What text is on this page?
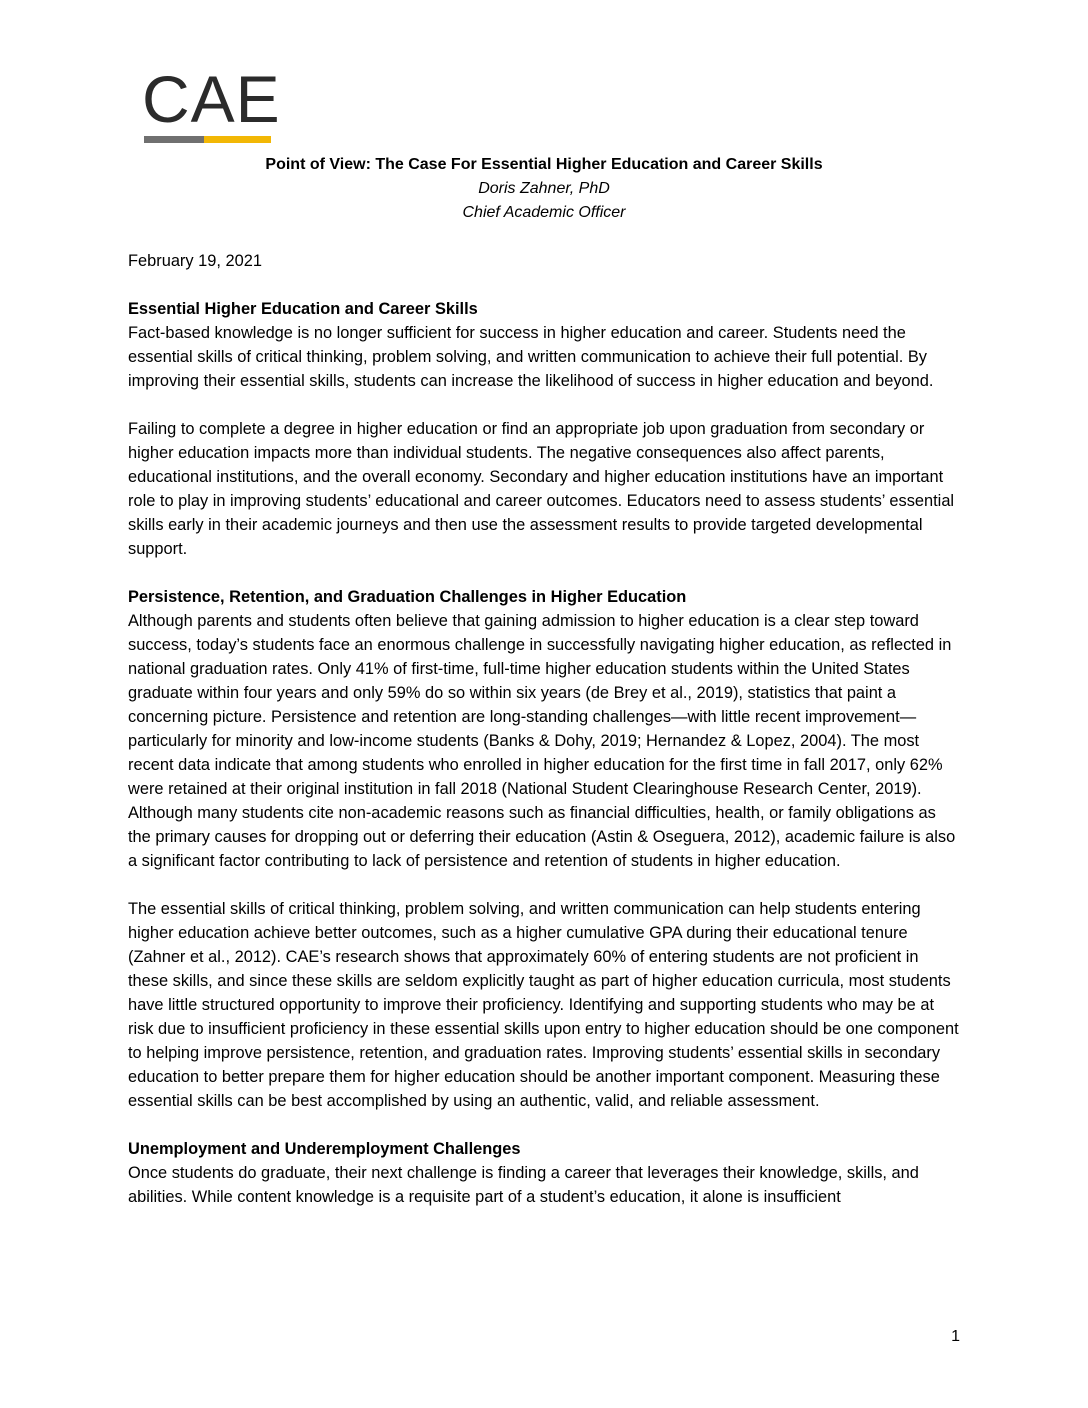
CAE
Point of View: The Case For Essential Higher Education and Career Skills
Doris Zahner, PhD
Chief Academic Officer

February 19, 2021

Essential Higher Education and Career Skills

Fact-based knowledge is no longer sufficient for success in higher education and career. Students need the essential skills of critical thinking, problem solving, and written communication to achieve their full potential. By improving their essential skills, students can increase the likelihood of success in higher education and beyond.

Failing to complete a degree in higher education or find an appropriate job upon graduation from secondary or higher education impacts more than individual students. The negative consequences also affect parents, educational institutions, and the overall economy. Secondary and higher education institutions have an important role to play in improving students’ educational and career outcomes. Educators need to assess students’ essential skills early in their academic journeys and then use the assessment results to provide targeted developmental support.

Persistence, Retention, and Graduation Challenges in Higher Education

Although parents and students often believe that gaining admission to higher education is a clear step toward success, today’s students face an enormous challenge in successfully navigating higher education, as reflected in national graduation rates. Only 41% of first-time, full-time higher education students within the United States graduate within four years and only 59% do so within six years (de Brey et al., 2019), statistics that paint a concerning picture. Persistence and retention are long-standing challenges—with little recent improvement—particularly for minority and low-income students (Banks & Dohy, 2019; Hernandez & Lopez, 2004). The most recent data indicate that among students who enrolled in higher education for the first time in fall 2017, only 62% were retained at their original institution in fall 2018 (National Student Clearinghouse Research Center, 2019). Although many students cite non-academic reasons such as financial difficulties, health, or family obligations as the primary causes for dropping out or deferring their education (Astin & Oseguera, 2012), academic failure is also a significant factor contributing to lack of persistence and retention of students in higher education.

The essential skills of critical thinking, problem solving, and written communication can help students entering higher education achieve better outcomes, such as a higher cumulative GPA during their educational tenure (Zahner et al., 2012). CAE’s research shows that approximately 60% of entering students are not proficient in these skills, and since these skills are seldom explicitly taught as part of higher education curricula, most students have little structured opportunity to improve their proficiency. Identifying and supporting students who may be at risk due to insufficient proficiency in these essential skills upon entry to higher education should be one component to helping improve persistence, retention, and graduation rates. Improving students’ essential skills in secondary education to better prepare them for higher education should be another important component. Measuring these essential skills can be best accomplished by using an authentic, valid, and reliable assessment.

Unemployment and Underemployment Challenges

Once students do graduate, their next challenge is finding a career that leverages their knowledge, skills, and abilities. While content knowledge is a requisite part of a student’s education, it alone is insufficient

1
